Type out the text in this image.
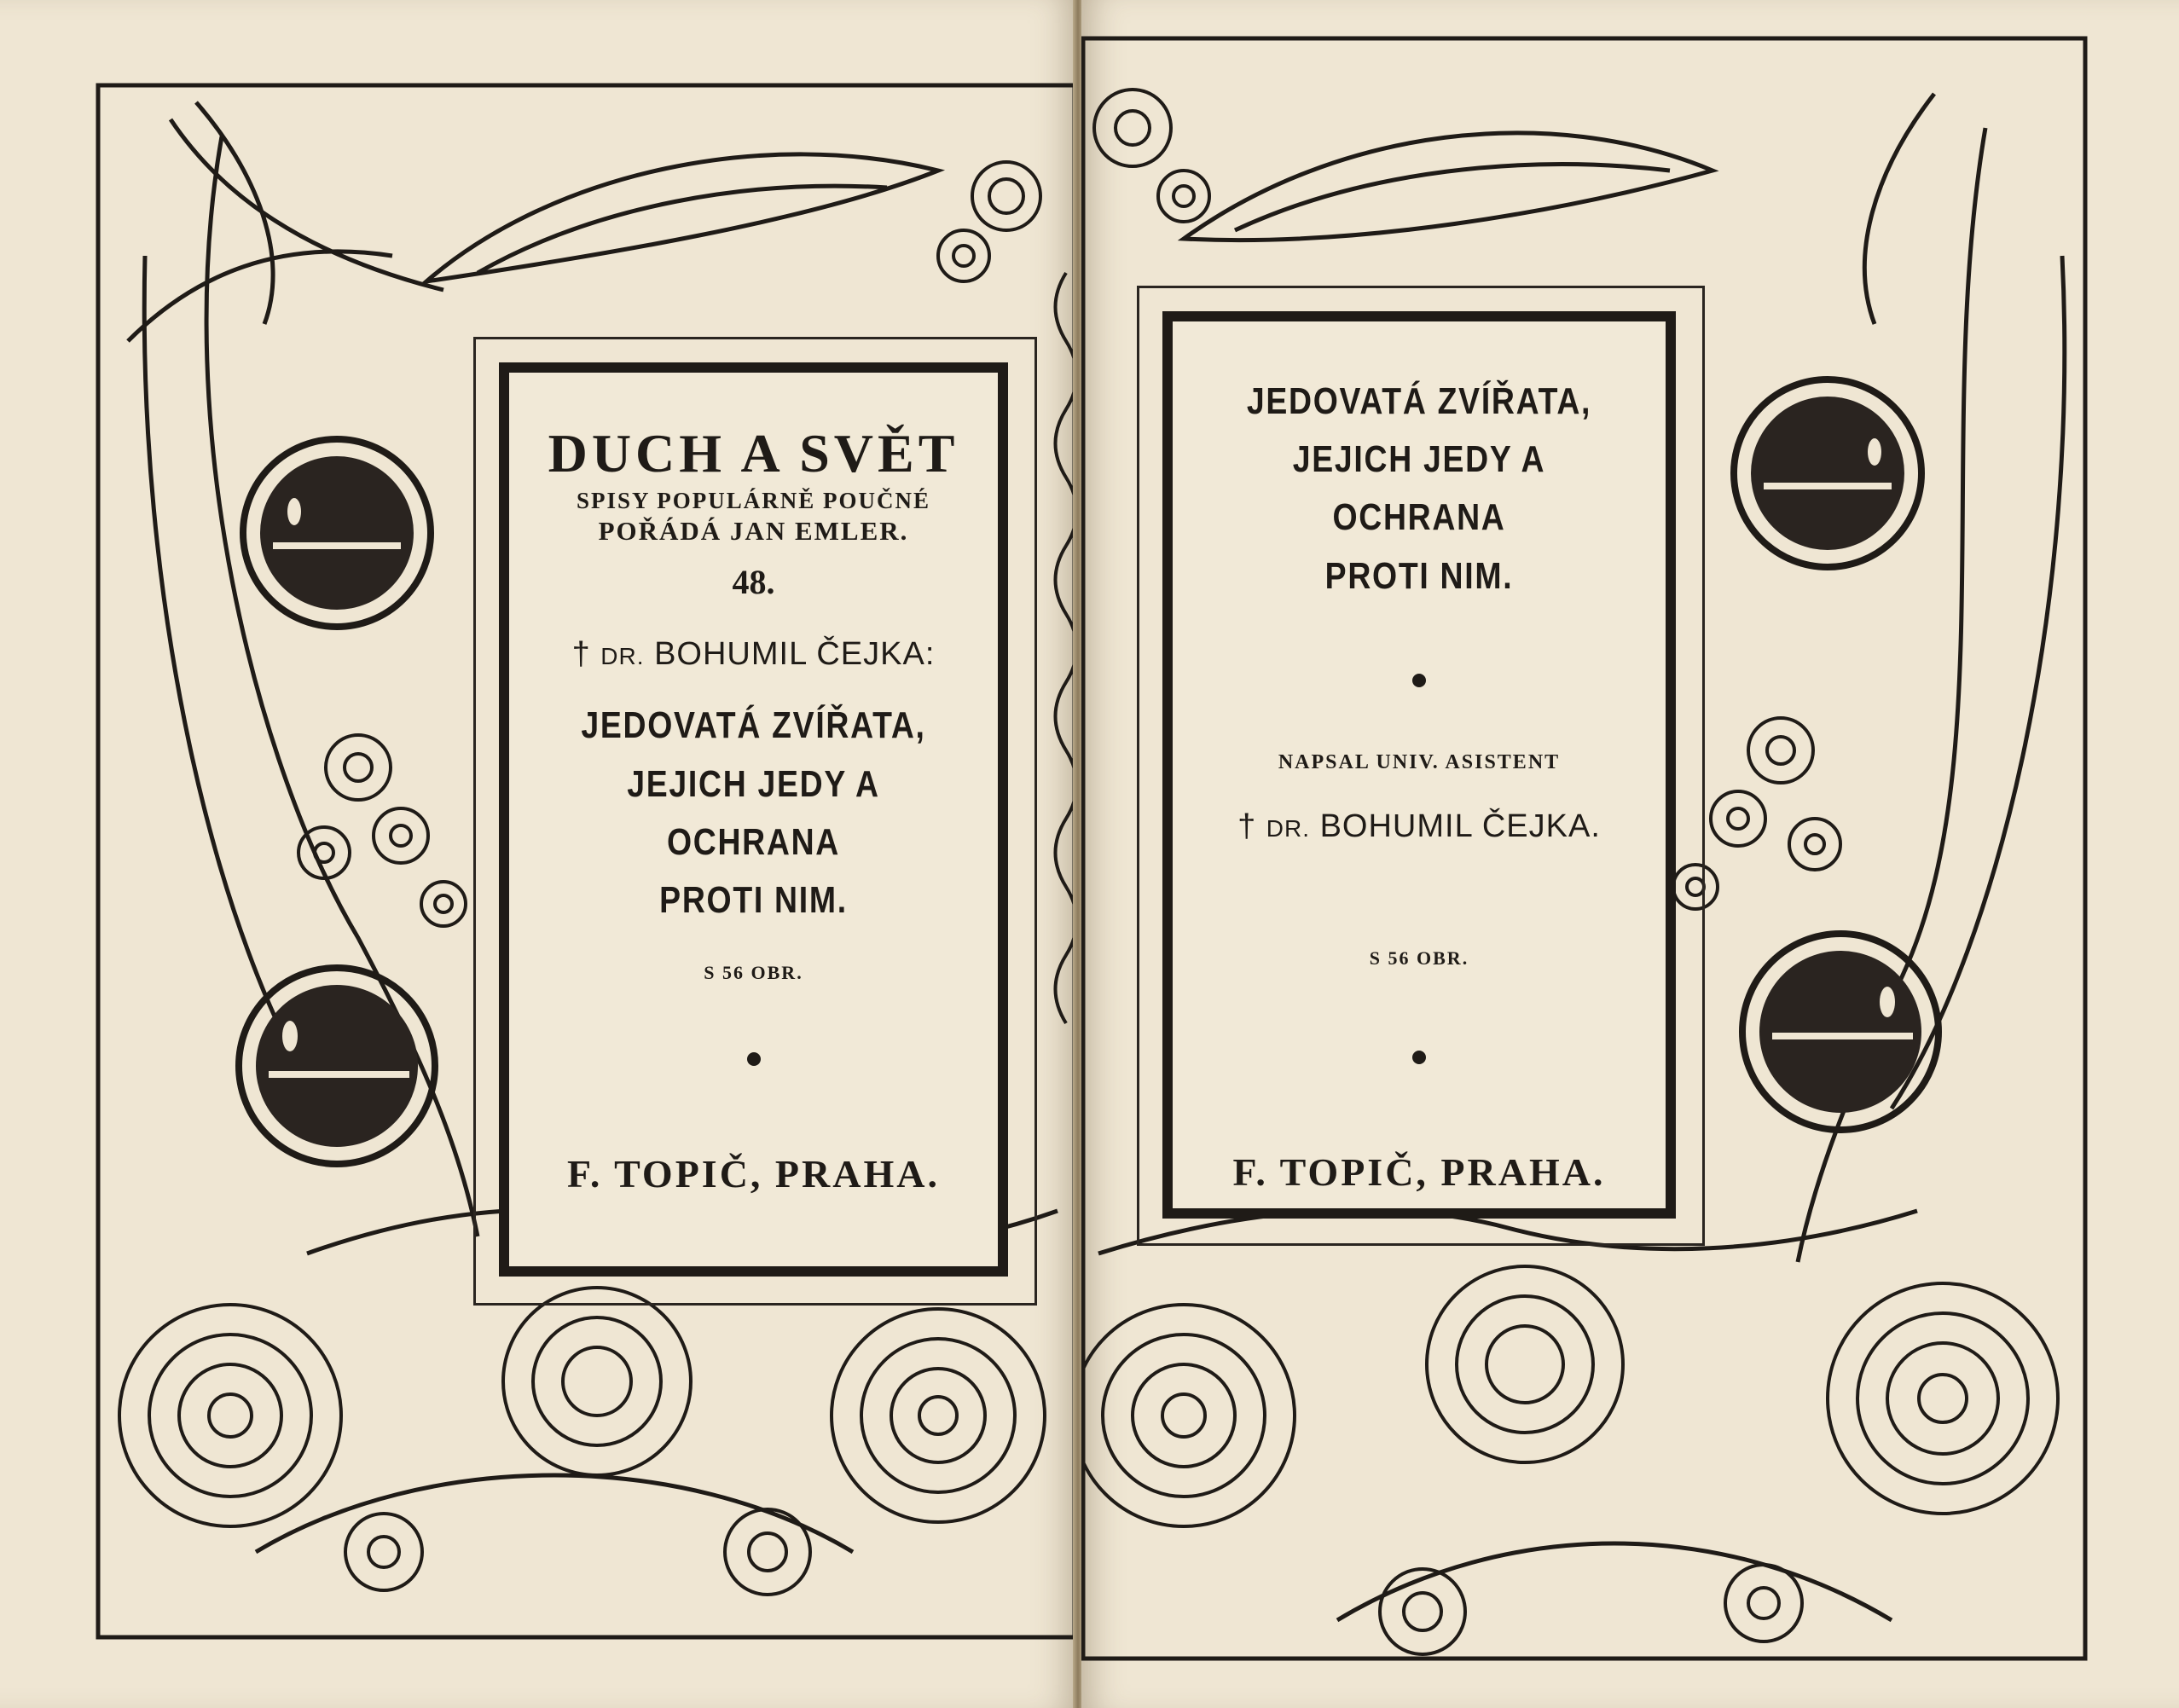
DUCH A SVĚT
SPISY POPULÁRNĚ POUČNÉ
POŘÁDÁ JAN EMLER.
48.
† DR. BOHUMIL ČEJKA:
JEDOVATÁ ZVÍŘATA,
JEJICH JEDY A OCHRANA
PROTI NIM.
S 56 OBR.
F. TOPIČ, PRAHA.
JEDOVATÁ ZVÍŘATA,
JEJICH JEDY A OCHRANA
PROTI NIM.
NAPSAL UNIV. ASISTENT
† DR. BOHUMIL ČEJKA.
S 56 OBR.
F. TOPIČ, PRAHA.
